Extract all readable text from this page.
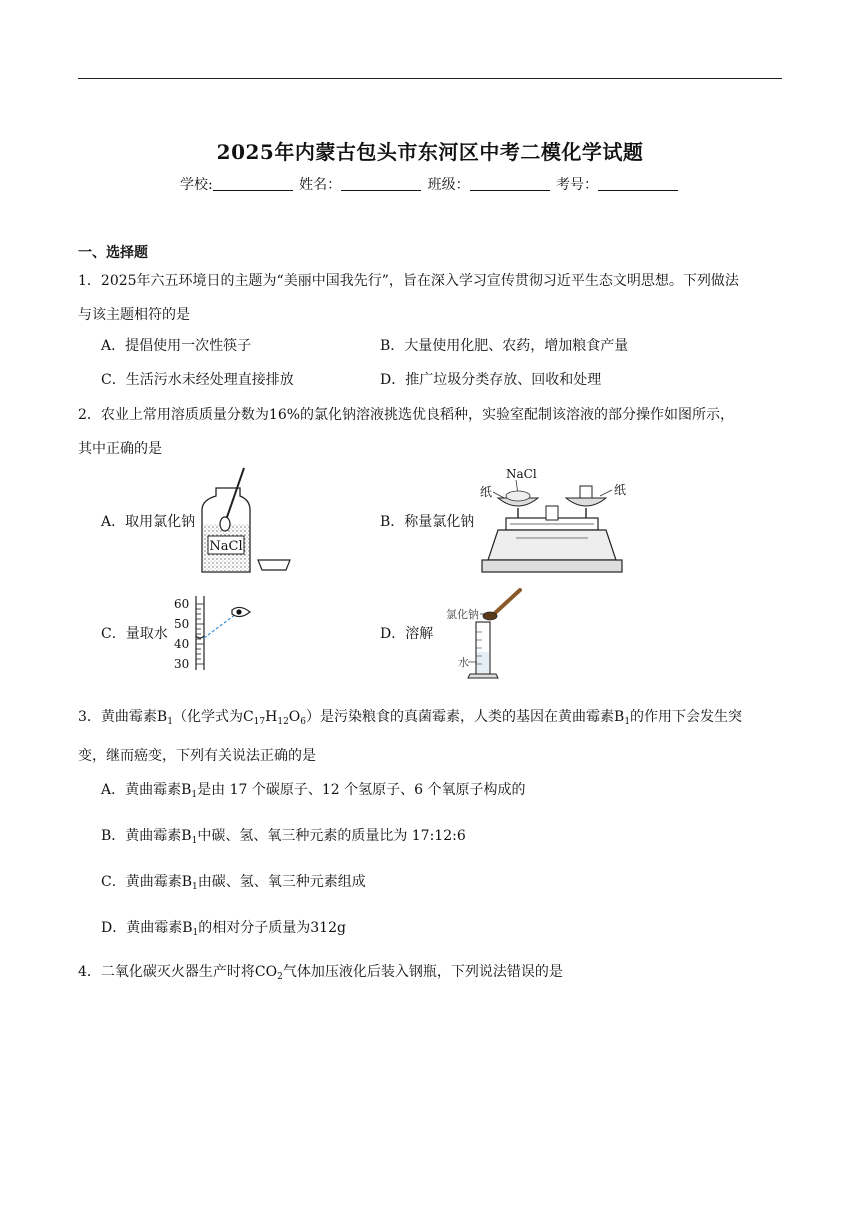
2025年内蒙古包头市东河区中考二模化学试题
学校:	姓名：	班级：	考号：
一、选择题
1．2025年六五环境日的主题为“美丽中国我先行”，旨在深入学习宣传贯彻习近平生态文明思想。下列做法
与该主题相符的是
A．提倡使用一次性筷子	B．大量使用化肥、农药，增加粮食产量
C．生活污水未经处理直接排放	D．推广垃圾分类存放、回收和处理
2．农业上常用溶质质量分数为16%的氯化钠溶液挑选优良稻种，实验室配制该溶液的部分操作如图所示，
其中正确的是
A．取用氯化钠	B．称量氯化钠
C．量取水	D．溶解
NaCl
NaCl
纸	纸
60
50
40
30
氯化钠
水
3．黄曲霉素$B_1$（化学式为$C_{17}H_{12}O_6$）是污染粮食的真菌霉素，人类的基因在黄曲霉素$B_1$的作用下会发生突
变，继而癌变，下列有关说法正确的是
A．黄曲霉素$B_1$是由 17 个碳原子、12 个氢原子、6 个氧原子构成的
B．黄曲霉素$B_1$中碳、氢、氧三种元素的质量比为 17:12:6
C．黄曲霉素$B_1$由碳、氢、氧三种元素组成
D．黄曲霉素$B_1$的相对分子质量为312g
4．二氧化碳灭火器生产时将$CO_2$气体加压液化后装入钢瓶，下列说法错误的是
